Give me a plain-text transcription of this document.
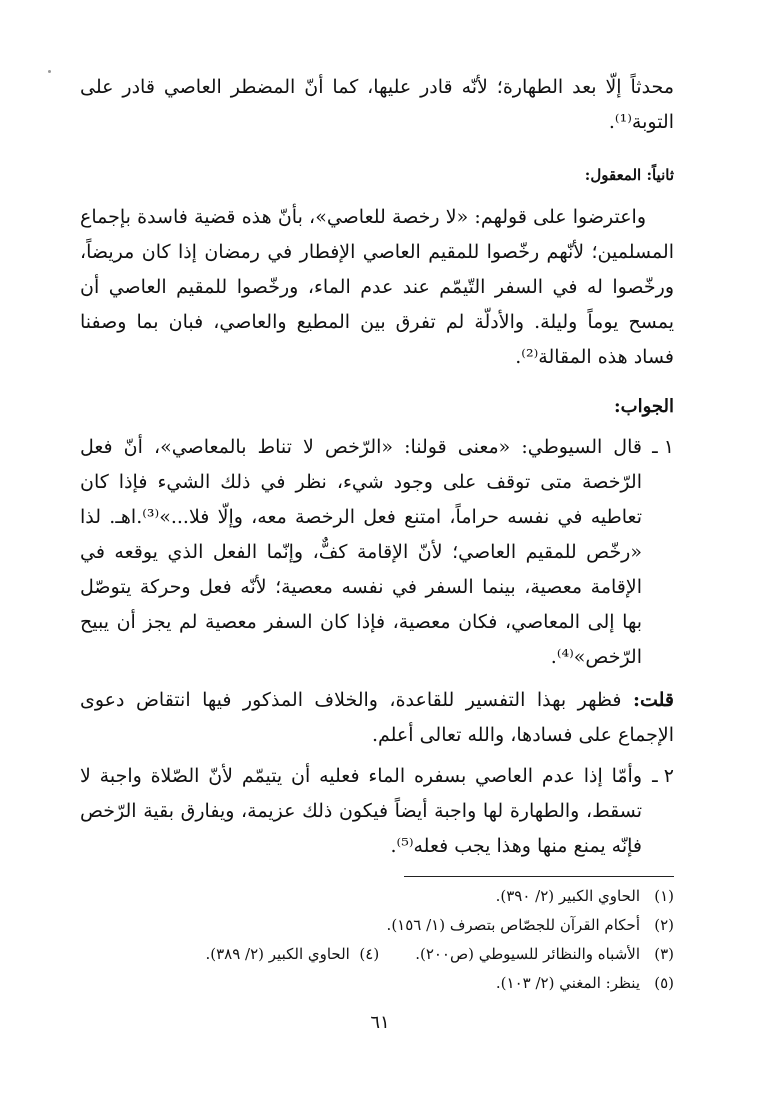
محدثاً إلّا بعد الطهارة؛ لأنّه قادر عليها، كما أنّ المضطر العاصي قادر على التوبة⁽¹⁾.

ثانياً: المعقول:

واعترضوا على قولهم: «لا رخصة للعاصي»، بأنّ هذه قضية فاسدة بإجماع المسلمين؛ لأنّهم رخّصوا للمقيم العاصي الإفطار في رمضان إذا كان مريضاً، ورخّصوا له في السفر التّيمّم عند عدم الماء، ورخّصوا للمقيم العاصي أن يمسح يوماً وليلة. والأدلّة لم تفرق بين المطيع والعاصي، فبان بما وصفنا فساد هذه المقالة⁽²⁾.

الجواب:

١ ـ
قال السيوطي: «معنى قولنا: «الرّخص لا تناط بالمعاصي»، أنّ فعل الرّخصة متى توقف على وجود شيء، نظر في ذلك الشيء فإذا كان تعاطيه في نفسه حراماً، امتنع فعل الرخصة معه، وإلّا فلا...»⁽³⁾.اهـ. لذا «رخّص للمقيم العاصي؛ لأنّ الإقامة كفٌّ، وإنّما الفعل الذي يوقعه في الإقامة معصية، بينما السفر في نفسه معصية؛ لأنّه فعل وحركة يتوصّل بها إلى المعاصي، فكان معصية، فإذا كان السفر معصية لم يجز أن يبيح الرّخص»⁽⁴⁾.

قلت: فظهر بهذا التفسير للقاعدة، والخلاف المذكور فيها انتقاض دعوى الإجماع على فسادها، والله تعالى أعلم.

٢ ـ
وأمّا إذا عدم العاصي بسفره الماء فعليه أن يتيمّم لأنّ الصّلاة واجبة لا تسقط، والطهارة لها واجبة أيضاً فيكون ذلك عزيمة، ويفارق بقية الرّخص فإنّه يمنع منها وهذا يجب فعله⁽⁵⁾.
(١)
الحاوي الكبير (٢/ ٣٩٠).
(٢)
أحكام القرآن للجصّاص بتصرف (١/ ١٥٦).
(٣)
الأشباه والنظائر للسيوطي (ص٢٠٠).
(٤)

الحاوي الكبير (٢/ ٣٨٩).
(٥)
ينظر: المغني (٢/ ١٠٣).
٦١
